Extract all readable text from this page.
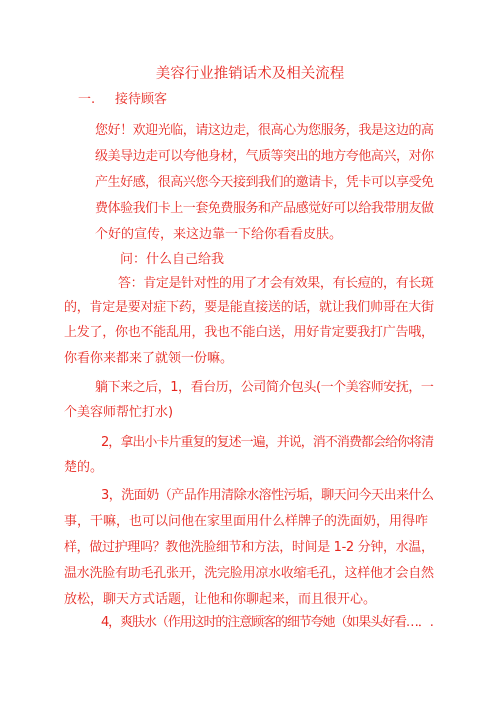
美容行业推销话术及相关流程
一. 接待顾客
您好！欢迎光临，请这边走，很高心为您服务，我是这边的高
级美导边走可以夸他身材，气质等突出的地方夸他高兴，对你
产生好感，很高兴您今天接到我们的邀请卡，凭卡可以享受免
费体验我们卡上一套免费服务和产品感觉好可以给我带朋友做
个好的宣传，来这边靠一下给你看看皮肤。
问：什么自己给我
答：肯定是针对性的用了才会有效果，有长痘的，有长斑
的，肯定是要对症下药，要是能直接送的话，就让我们帅哥在大街
上发了，你也不能乱用，我也不能白送，用好肯定要我打广告哦，
你看你来都来了就领一份嘛。
躺下来之后，1，看台历，公司简介包头(一个美容师安抚，一
个美容师帮忙打水)
2，拿出小卡片重复的复述一遍，并说，消不消费都会给你将清
楚的。
3，洗面奶（产品作用清除水溶性污垢，聊天问今天出来什么
事，干嘛，也可以问他在家里面用什么样牌子的洗面奶，用得咋
样，做过护理吗？教他洗脸细节和方法，时间是 1-2 分钟，水温，
温水洗脸有助毛孔张开，洗完脸用凉水收缩毛孔，这样他才会自然
放松，聊天方式话题，让他和你聊起来，而且很开心。
4，爽肤水（作用这时的注意顾客的细节夸她（如果头好看…．.
